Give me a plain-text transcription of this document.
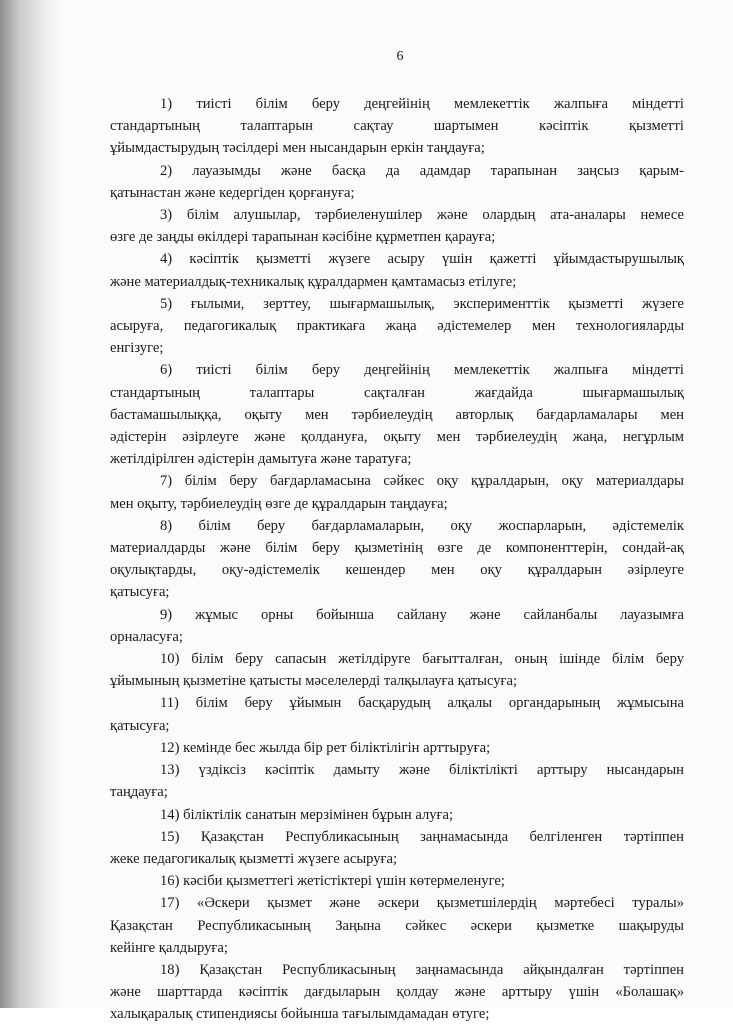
6

1) тиісті білім беру деңгейінің мемлекеттік жалпыға міндетті
стандартының талаптарын сақтау шартымен кәсіптік қызметті
ұйымдастырудың тәсілдері мен нысандарын еркін таңдауға;

2) лауазымды және басқа да адамдар тарапынан заңсыз қарым-
қатынастан және кедергіден қорғануға;

3) білім алушылар, тәрбиеленушілер және олардың ата-аналары немесе
өзге де заңды өкілдері тарапынан кәсібіне құрметпен қарауға;

4) кәсіптік қызметті жүзеге асыру үшін қажетті ұйымдастырушылық
және материалдық-техникалық құралдармен қамтамасыз етілуге;

5) ғылыми, зерттеу, шығармашылық, эксперименттік қызметті жүзеге
асыруға, педагогикалық практикаға жаңа әдістемелер мен технологияларды
енгізуге;

6) тиісті білім беру деңгейінің мемлекеттік жалпыға міндетті
стандартының талаптары сақталған жағдайда шығармашылық
бастамашылыққа, оқыту мен тәрбиелеудің авторлық бағдарламалары мен
әдістерін әзірлеуге және қолдануға, оқыту мен тәрбиелеудің жаңа, негұрлым
жетілдірілген әдістерін дамытуға және таратуға;

7) білім беру бағдарламасына сәйкес оқу құралдарын, оқу материалдары
мен оқыту, тәрбиелеудің өзге де құралдарын таңдауға;

8) білім беру бағдарламаларын, оқу жоспарларын, әдістемелік
материалдарды және білім беру қызметінің өзге де компоненттерін, сондай-ақ
оқулықтарды, оқу-әдістемелік кешендер мен оқу құралдарын әзірлеуге
қатысуға;

9) жұмыс орны бойынша сайлану және сайланбалы лауазымға
орналасуға;

10) білім беру сапасын жетілдіруге бағытталған, оның ішінде білім беру
ұйымының қызметіне қатысты мәселелерді талқылауға қатысуға;

11) білім беру ұйымын басқарудың алқалы органдарының жұмысына
қатысуға;

12) кемінде бес жылда бір рет біліктілігін арттыруға;

13) үздіксіз кәсіптік дамыту және біліктілікті арттыру нысандарын
таңдауға;

14) біліктілік санатын мерзімінен бұрын алуға;

15) Қазақстан Республикасының заңнамасында белгіленген тәртіппен
жеке педагогикалық қызметті жүзеге асыруға;

16) кәсіби қызметтегі жетістіктері үшін көтермеленуге;

17) «Әскери қызмет және әскери қызметшілердің мәртебесі туралы»
Қазақстан Республикасының Заңына сәйкес әскери қызметке шақыруды
кейінге қалдыруға;

18) Қазақстан Республикасының заңнамасында айқындалған тәртіппен
және шарттарда кәсіптік дағдыларын қолдау және арттыру үшін «Болашақ»
халықаралық стипендиясы бойынша тағылымдамадан өтуге;
